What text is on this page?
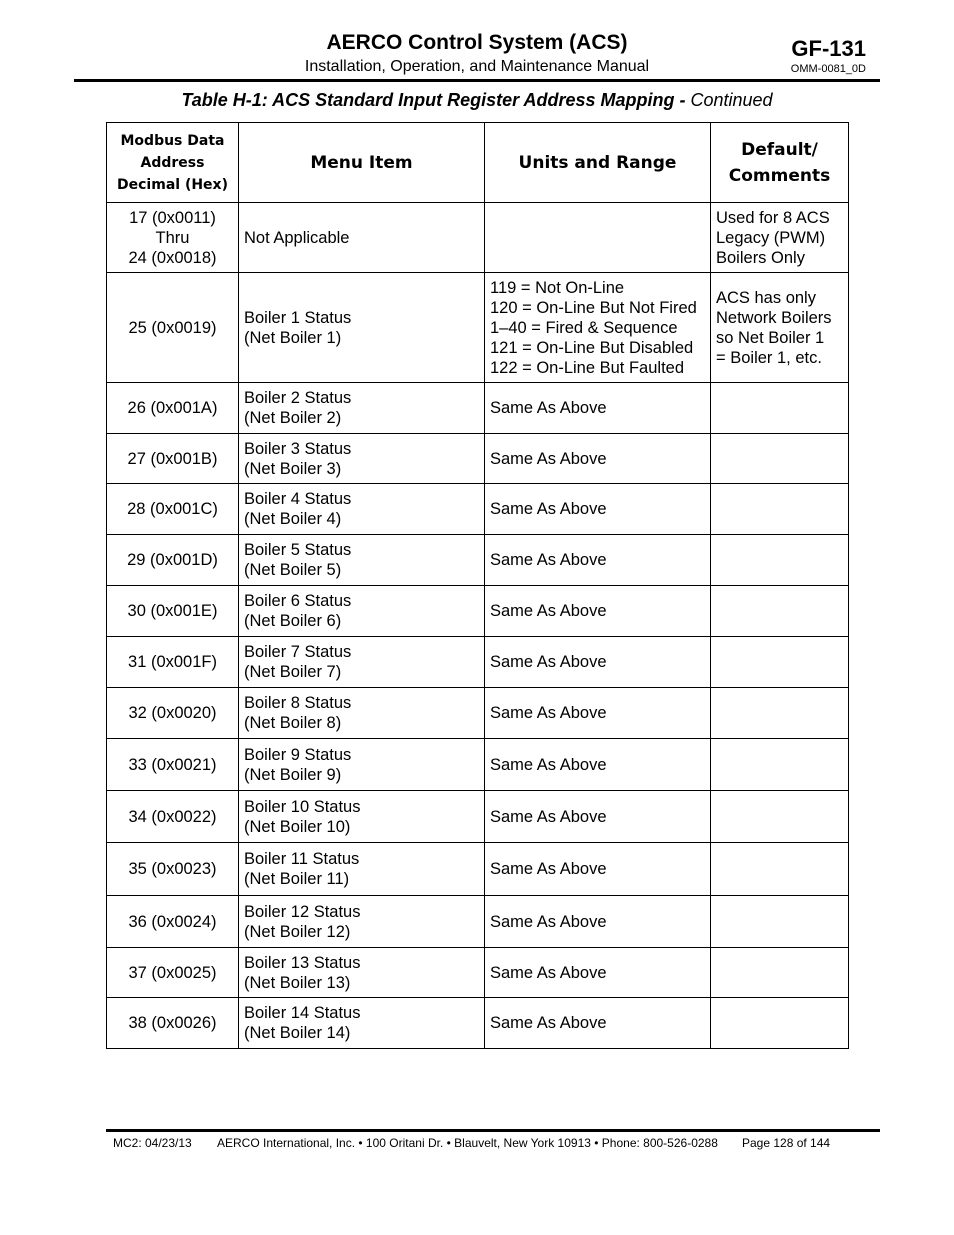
AERCO Control System (ACS)
Installation, Operation, and Maintenance Manual
GF-131
OMM-0081_0D
Table H-1: ACS Standard Input Register Address Mapping - Continued
Modbus Data
Address
Decimal (Hex)	Menu Item	Units and Range	Default/
Comments

17 (0x0011)
Thru
24 (0x0018)	Not Applicable		Used for 8 ACS
Legacy (PWM)
Boilers Only

25 (0x0019)	Boiler 1 Status
(Net Boiler 1)	119 = Not On-Line
120 = On-Line But Not Fired
1–40 = Fired & Sequence
121 = On-Line But Disabled
122 = On-Line But Faulted	ACS has only
Network Boilers
so Net Boiler 1
= Boiler 1, etc.

26 (0x001A)	Boiler 2 Status
(Net Boiler 2)	Same As Above	

27 (0x001B)	Boiler 3 Status
(Net Boiler 3)	Same As Above	

28 (0x001C)	Boiler 4 Status
(Net Boiler 4)	Same As Above	

29 (0x001D)	Boiler 5 Status
(Net Boiler 5)	Same As Above	

30 (0x001E)	Boiler 6 Status
(Net Boiler 6)	Same As Above	

31 (0x001F)	Boiler 7 Status
(Net Boiler 7)	Same As Above	

32 (0x0020)	Boiler 8 Status
(Net Boiler 8)	Same As Above	

33 (0x0021)	Boiler 9 Status
(Net Boiler 9)	Same As Above	

34 (0x0022)	Boiler 10 Status
(Net Boiler 10)	Same As Above	

35 (0x0023)	Boiler 11 Status
(Net Boiler 11)	Same As Above	

36 (0x0024)	Boiler 12 Status
(Net Boiler 12)	Same As Above	

37 (0x0025)	Boiler 13 Status
(Net Boiler 13)	Same As Above	

38 (0x0026)	Boiler 14 Status
(Net Boiler 14)	Same As Above	

MC2: 04/23/13 AERCO International, Inc. • 100 Oritani Dr. • Blauvelt, New York 10913 • Phone: 800-526-0288 Page 128 of 144
